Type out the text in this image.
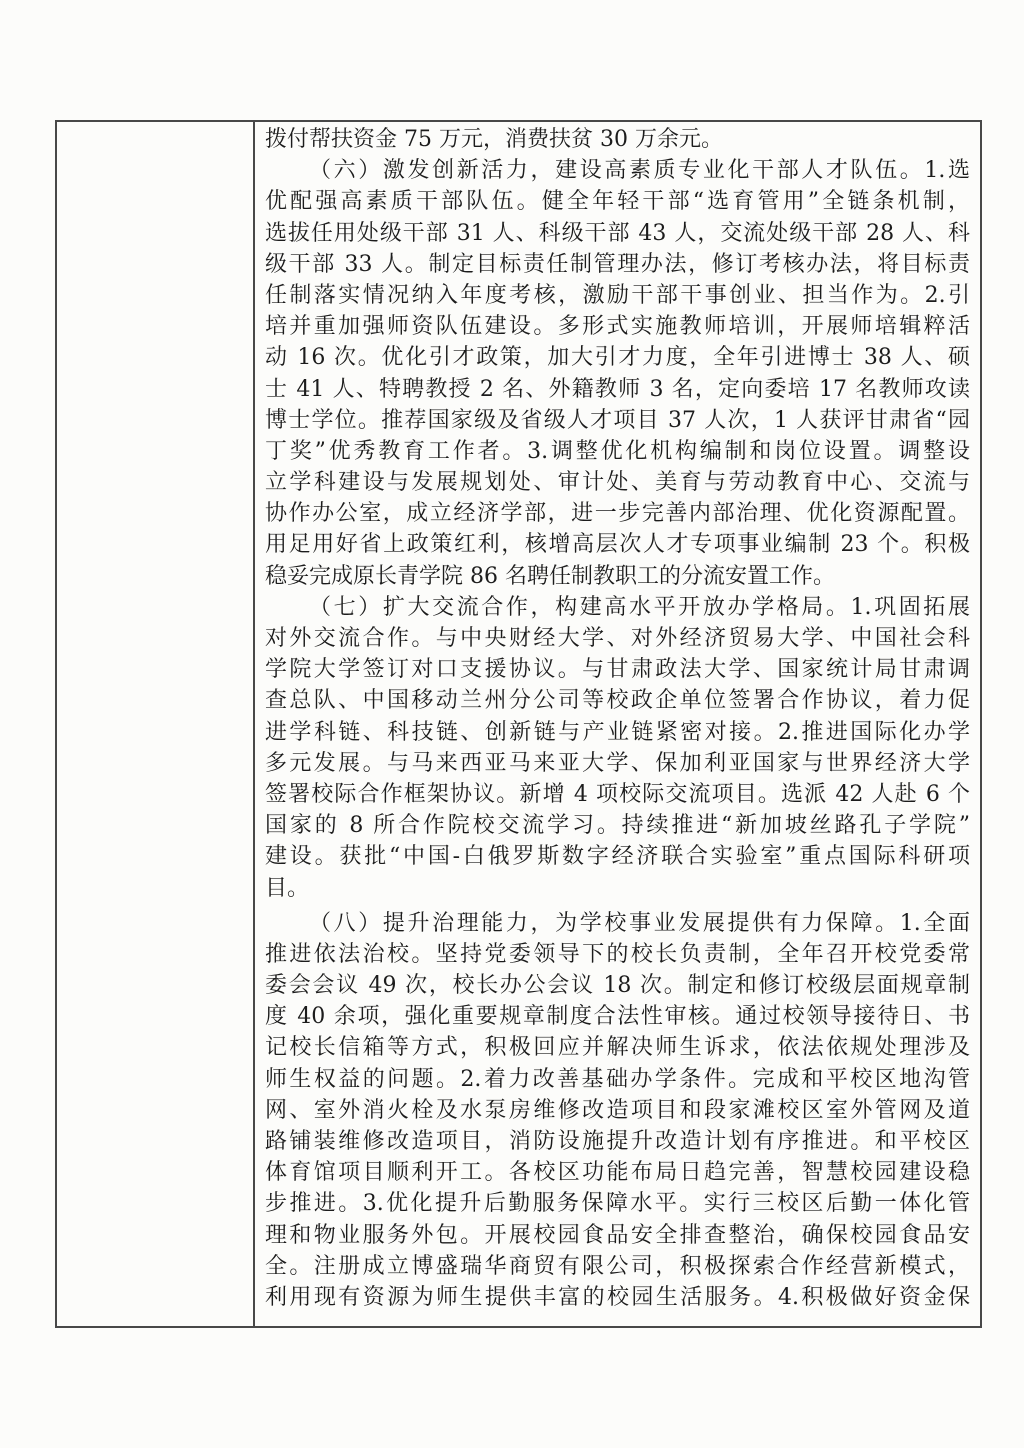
拨付帮扶资金 75 万元，消费扶贫 30 万余元。
（六）激发创新活力，建设高素质专业化干部人才队伍。1.选
优配强高素质干部队伍。健全年轻干部“选育管用”全链条机制，
选拔任用处级干部 31 人、科级干部 43 人，交流处级干部 28 人、科
级干部 33 人。制定目标责任制管理办法，修订考核办法，将目标责
任制落实情况纳入年度考核，激励干部干事创业、担当作为。2.引
培并重加强师资队伍建设。多形式实施教师培训，开展师培辑粹活
动 16 次。优化引才政策，加大引才力度，全年引进博士 38 人、硕
士 41 人、特聘教授 2 名、外籍教师 3 名，定向委培 17 名教师攻读
博士学位。推荐国家级及省级人才项目 37 人次，1 人获评甘肃省“园
丁奖”优秀教育工作者。3.调整优化机构编制和岗位设置。调整设
立学科建设与发展规划处、审计处、美育与劳动教育中心、交流与
协作办公室，成立经济学部，进一步完善内部治理、优化资源配置。
用足用好省上政策红利，核增高层次人才专项事业编制 23 个。积极
稳妥完成原长青学院 86 名聘任制教职工的分流安置工作。
（七）扩大交流合作，构建高水平开放办学格局。1.巩固拓展
对外交流合作。与中央财经大学、对外经济贸易大学、中国社会科
学院大学签订对口支援协议。与甘肃政法大学、国家统计局甘肃调
查总队、中国移动兰州分公司等校政企单位签署合作协议，着力促
进学科链、科技链、创新链与产业链紧密对接。2.推进国际化办学
多元发展。与马来西亚马来亚大学、保加利亚国家与世界经济大学
签署校际合作框架协议。新增 4 项校际交流项目。选派 42 人赴 6 个
国家的 8 所合作院校交流学习。持续推进“新加坡丝路孔子学院”
建设。获批“中国-白俄罗斯数字经济联合实验室”重点国际科研项
目。
（八）提升治理能力，为学校事业发展提供有力保障。1.全面
推进依法治校。坚持党委领导下的校长负责制，全年召开校党委常
委会会议 49 次，校长办公会议 18 次。制定和修订校级层面规章制
度 40 余项，强化重要规章制度合法性审核。通过校领导接待日、书
记校长信箱等方式，积极回应并解决师生诉求，依法依规处理涉及
师生权益的问题。2.着力改善基础办学条件。完成和平校区地沟管
网、室外消火栓及水泵房维修改造项目和段家滩校区室外管网及道
路铺装维修改造项目，消防设施提升改造计划有序推进。和平校区
体育馆项目顺利开工。各校区功能布局日趋完善，智慧校园建设稳
步推进。3.优化提升后勤服务保障水平。实行三校区后勤一体化管
理和物业服务外包。开展校园食品安全排查整治，确保校园食品安
全。注册成立博盛瑞华商贸有限公司，积极探索合作经营新模式，
利用现有资源为师生提供丰富的校园生活服务。4.积极做好资金保
